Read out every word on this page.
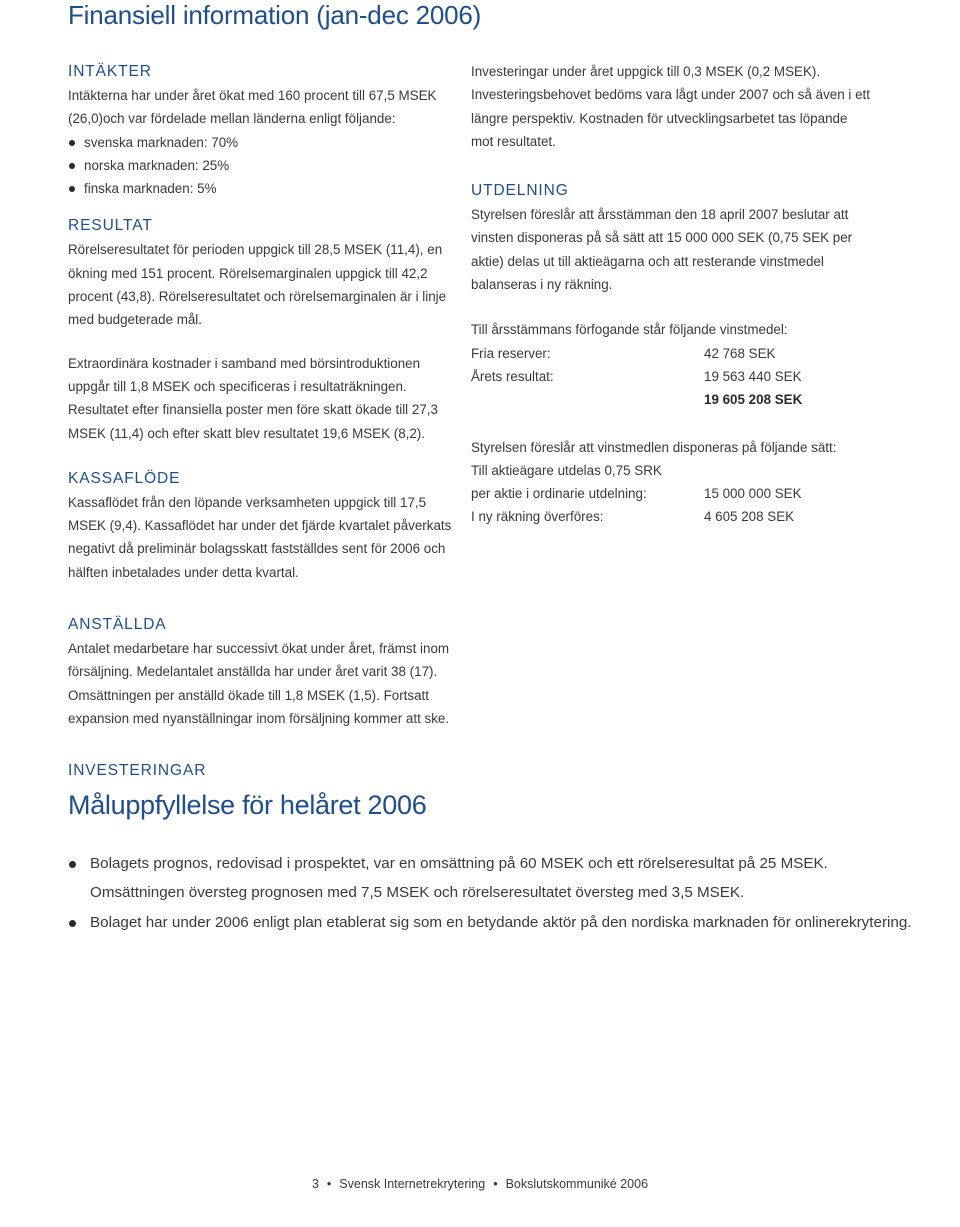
Finansiell information (jan-dec 2006)
INTÄKTER

Intäkterna har under året ökat med 160 procent till 67,5 MSEK (26,0)och var fördelade mellan länderna enligt följande:

svenska marknaden: 70%
norska marknaden: 25%
finska marknaden: 5%
RESULTAT

Rörelseresultatet för perioden uppgick till 28,5 MSEK (11,4), en ökning med 151 procent. Rörelsemarginalen uppgick till 42,2 procent (43,8). Rörelseresultatet och rörelsemarginalen är i linje med budgeterade mål.

Extraordinära kostnader i samband med börsintroduktionen uppgår till 1,8 MSEK och specificeras i resultaträkningen. Resultatet efter finansiella poster men före skatt ökade till 27,3 MSEK (11,4) och efter skatt blev resultatet 19,6 MSEK (8,2).

KASSAFLÖDE

Kassaflödet från den löpande verksamheten uppgick till 17,5 MSEK (9,4). Kassaflödet har under det fjärde kvartalet påverkats negativt då preliminär bolagsskatt fastställdes sent för 2006 och hälften inbetalades under detta kvartal.

ANSTÄLLDA

Antalet medarbetare har successivt ökat under året, främst inom försäljning. Medelantalet anställda har under året varit 38 (17). Omsättningen per anställd ökade till 1,8 MSEK (1,5). Fortsatt expansion med nyanställningar inom försäljning kommer att ske.

INVESTERINGAR

Investeringar under året uppgick till 0,3 MSEK (0,2 MSEK). Investeringsbehovet bedöms vara lågt under 2007 och så även i ett längre perspektiv. Kostnaden för utvecklingsarbetet tas löpande mot resultatet.

UTDELNING

Styrelsen föreslår att årsstämman den 18 april 2007 beslutar att vinsten disponeras på så sätt att 15 000 000 SEK (0,75 SEK per aktie) delas ut till aktieägarna och att resterande vinstmedel balanseras i ny räkning.

Till årsstämmans förfogande står följande vinstmedel:

Fria reserver:	42 768 SEK
Årets resultat:	19 563 440 SEK
	19 605 208 SEK

Styrelsen föreslår att vinstmedlen disponeras på följande sätt:

Till aktieägare utdelas 0,75 SRK

per aktie i ordinarie utdelning:	15 000 000 SEK
I ny räkning överföres:	4 605 208 SEK
Måluppfyllelse för helåret 2006
Bolagets prognos, redovisad i prospektet, var en omsättning på 60 MSEK och ett rörelseresultat på 25 MSEK. Omsättningen översteg prognosen med 7,5 MSEK och rörelseresultatet översteg med 3,5 MSEK.
Bolaget har under 2006 enligt plan etablerat sig som en betydande aktör på den nordiska marknaden för onlinerekrytering.
3 • Svensk Internetrekrytering • Bokslutskommuniké 2006
